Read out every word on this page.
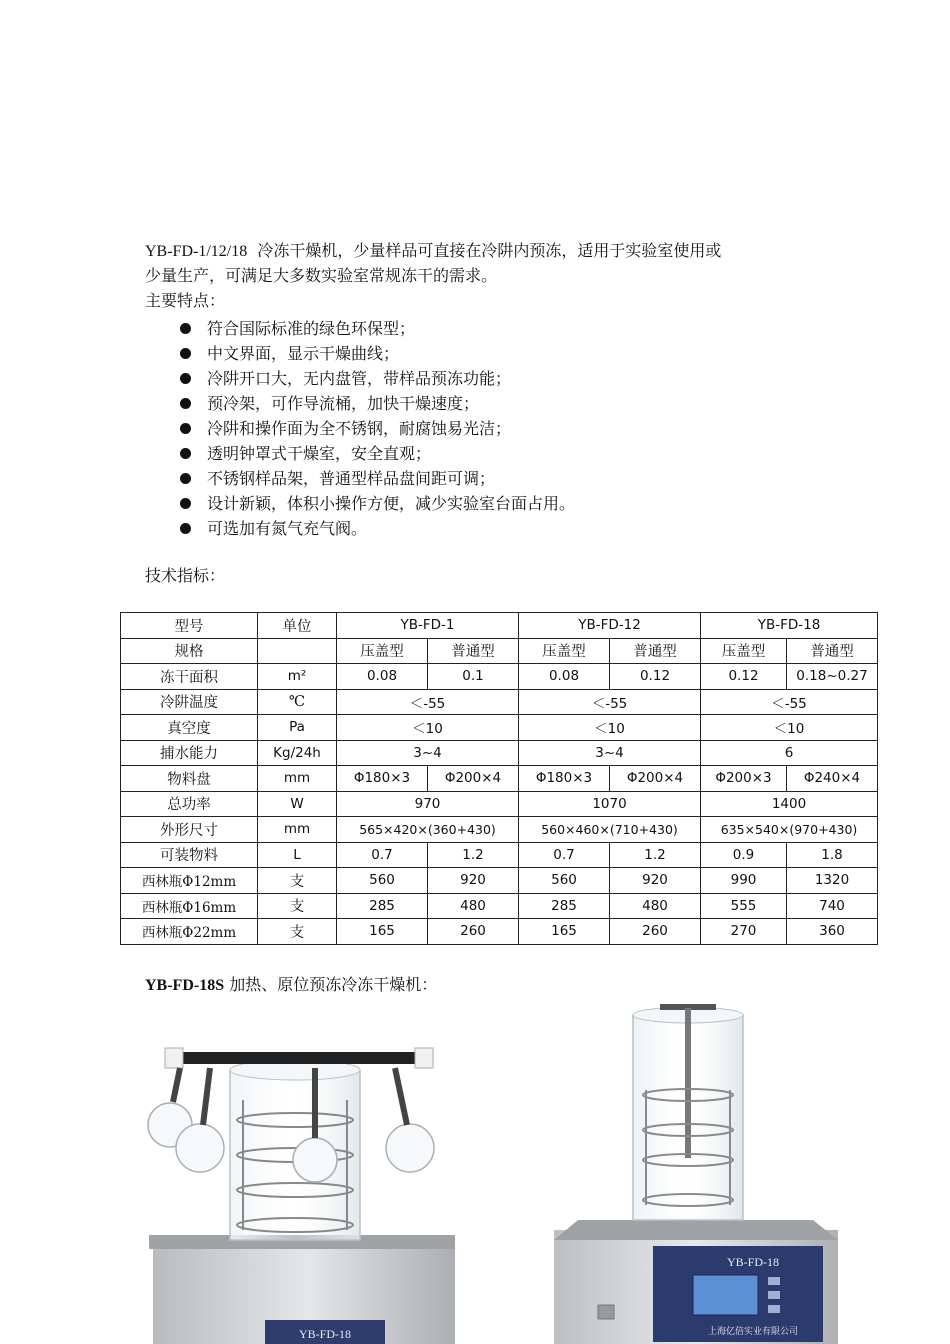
YB-FD-1/12/18 冷冻干燥机，少量样品可直接在冷阱内预冻，适用于实验室使用或
少量生产，可满足大多数实验室常规冻干的需求。
主要特点：
符合国际标准的绿色环保型；
中文界面，显示干燥曲线；
冷阱开口大，无内盘管，带样品预冻功能；
预冷架，可作导流桶，加快干燥速度；
冷阱和操作面为全不锈钢，耐腐蚀易光洁；
透明钟罩式干燥室，安全直观；
不锈钢样品架，普通型样品盘间距可调；
设计新颖，体积小操作方便，减少实验室台面占用。
可选加有氮气充气阀。
技术指标：
型号	单位	YB-FD-1		YB-FD-12		YB-FD-18	
规格		压盖型	普通型	压盖型	普通型	压盖型	普通型
冻干面积	m²	0.08	0.1	0.08	0.12	0.12	0.18~0.27
冷阱温度	℃	＜-55		＜-55		＜-55	
真空度	Pa	＜10		＜10		＜10	
捕水能力	Kg/24h	3~4		3~4		6	
物料盘	mm	Φ180×3	Φ200×4	Φ180×3	Φ200×4	Φ200×3	Φ240×4
总功率	W	970		1070		1400	
外形尺寸	mm	565×420×(360+430)		560×460×(710+430)		635×540×(970+430)	
可装物料	L	0.7	1.2	0.7	1.2	0.9	1.8
西林瓶Φ12mm	支	560	920	560	920	990	1320
西林瓶Φ16mm	支	285	480	285	480	555	740
西林瓶Φ22mm	支	165	260	165	260	270	360
YB-FD-18S 加热、原位预冻冷冻干燥机：
YB-FD-18
YB-FD-18
上海亿倍实业有限公司
